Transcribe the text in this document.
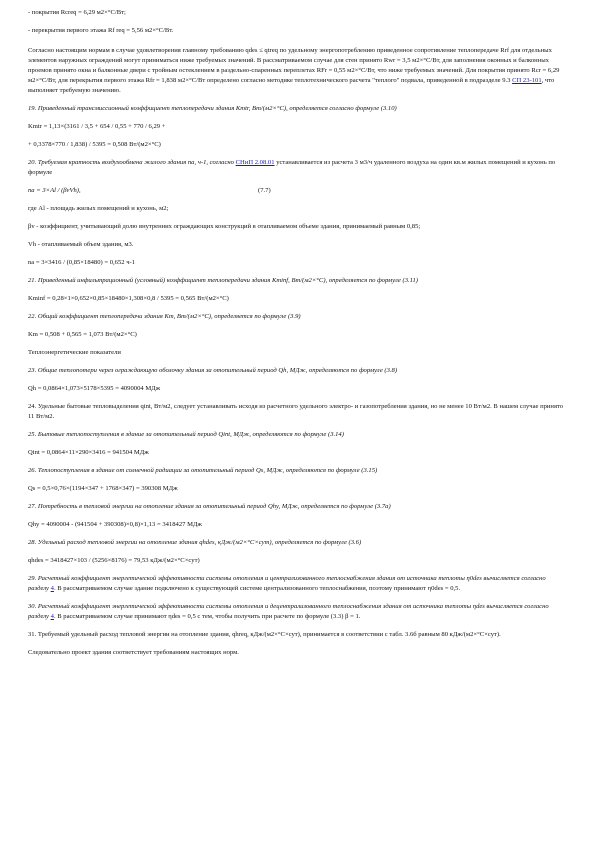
- покрытия Rcreq = 6,29 м2×°С/Вт;

- перекрытия первого этажа Rf req = 5,56 м2×°С/Вт.

Согласно настоящим нормам в случае удовлетворения главному требованию qdes ≤ qtreq по удельному энергопотреблению приведенное сопротивление теплопередаче Rrf для отдельных элементов наружных ограждений могут приниматься ниже требуемых значений. В рассматриваемом случае для стен принято Rwr = 3,5 м2×°С/Вт, для заполнения оконных и балконных проемов принято окна и балконные двери с тройным остеклением в раздельно-спаренных переплетах RFr = 0,55 м2×°С/Вт, что ниже требуемых значений. Для покрытия принято Rcr = 6,29 м2×°С/Вт, для перекрытия первого этажа Rfr = 1,838 м2×°С/Вт определено согласно методике теплотехнического расчета "теплого" подвала, приведенной в подразделе 9.3 СП 23-101, что выполняет требуемую значению.

19. Приведенный трансмиссионный коэффициент теплопередачи здания Kmtr, Вт/(м2×°С), определяется согласно формуле (3.10)

Kmtr = 1,13×(3161 / 3,5 + 654 / 0,55 + 770 / 6,29 +

+ 0,3378×770 / 1,838) / 5395 = 0,508 Вт/(м2×°С)

20. Требуемая кратность воздухообмена жилого здания na, ч-1, согласно СНиП 2.08.01 устанавливается из расчета 3 м3/ч удаленного воздуха на один кв.м жилых помещений и кухонь по формуле

na = 3×Al / (βvVh),	(7.7)

где Al - площадь жилых помещений и кухонь, м2;

βv - коэффициент, учитывающий долю внутренних ограждающих конструкций в отапливаемом объеме здания, принимаемый равным 0,85;

Vh - отапливаемый объем здания, м3.

na = 3×3416 / (0,85×18480) = 0,652 ч-1

21. Приведенный инфильтрационный (условный) коэффициент теплопередачи здания Kminf, Вт/(м2×°С), определяется по формуле (3.11)

Kminf = 0,28×1×0,652×0,85×18480×1,308×0,8 / 5395 = 0,565 Вт/(м2×°С)

22. Общий коэффициент теплопередачи здания Km, Вт/(м2×°С), определяется по формуле (3.9)

Km = 0,508 + 0,565 = 1,073 Вт/(м2×°С)

Теплоэнергетические показатели

23. Общие теплопотери через ограждающую оболочку здания за отопительный период Qh, МДж, определяются по формуле (3.8)

Qh = 0,0864×1,073×5178×5395 = 4090004 МДж

24. Удельные бытовые тепловыделения qint, Вт/м2, следует устанавливать исходя из расчетного удельного электро- и газопотребления здания, но не менее 10 Вт/м2. В нашем случае принято 11 Вт/м2.

25. Бытовые теплопоступления в здание за отопительный период Qint, МДж, определяются по формуле (3.14)

Qint = 0,0864×11×290×3416 = 941504 МДж

26. Теплопоступления в здание от солнечной радиации за отопительный период Qs, МДж, определяются по формуле (3.15)

Qs = 0,5×0,76×(1194×347 + 1768×347) = 390308 МДж

27. Потребность в тепловой энергии на отопление здания за отопительный период Qhy, МДж, определяется по формуле (3.7a)

Qhy = 4090004 - (941504 + 390308)×0,8)×1,13 = 3418427 МДж

28. Удельный расход тепловой энергии на отопление здания qhdes, кДж/(м2×°С×сут), определяется по формуле (3.6)

qhdes = 3418427×103 / (5256×8176) = 79,53 кДж/(м2×°С×сут)

29. Расчетный коэффициент энергетической эффективности системы отопления и централизованного теплоснабжения здания от источника теплоты η0des вычисляется согласно разделу 4. В рассматриваемом случае здание подключено к существующей системе централизованного теплоснабжения, поэтому принимают η0des = 0,5.

30. Расчетный коэффициент энергетической эффективности системы отопления и децентрализованного теплоснабжения здания от источника теплоты ηdes вычисляется согласно разделу 4. В рассматриваемом случае принимают ηdes = 0,5 с тем, чтобы получить при расчете по формуле (3.3) β = 1.

31. Требуемый удельный расход тепловой энергии на отопление здания, qhreq, кДж/(м2×°С×сут), принимается в соответствии с табл. 3.6б равным 80 кДж/(м2×°С×сут).

Следовательно проект здания соответствует требованиям настоящих норм.
